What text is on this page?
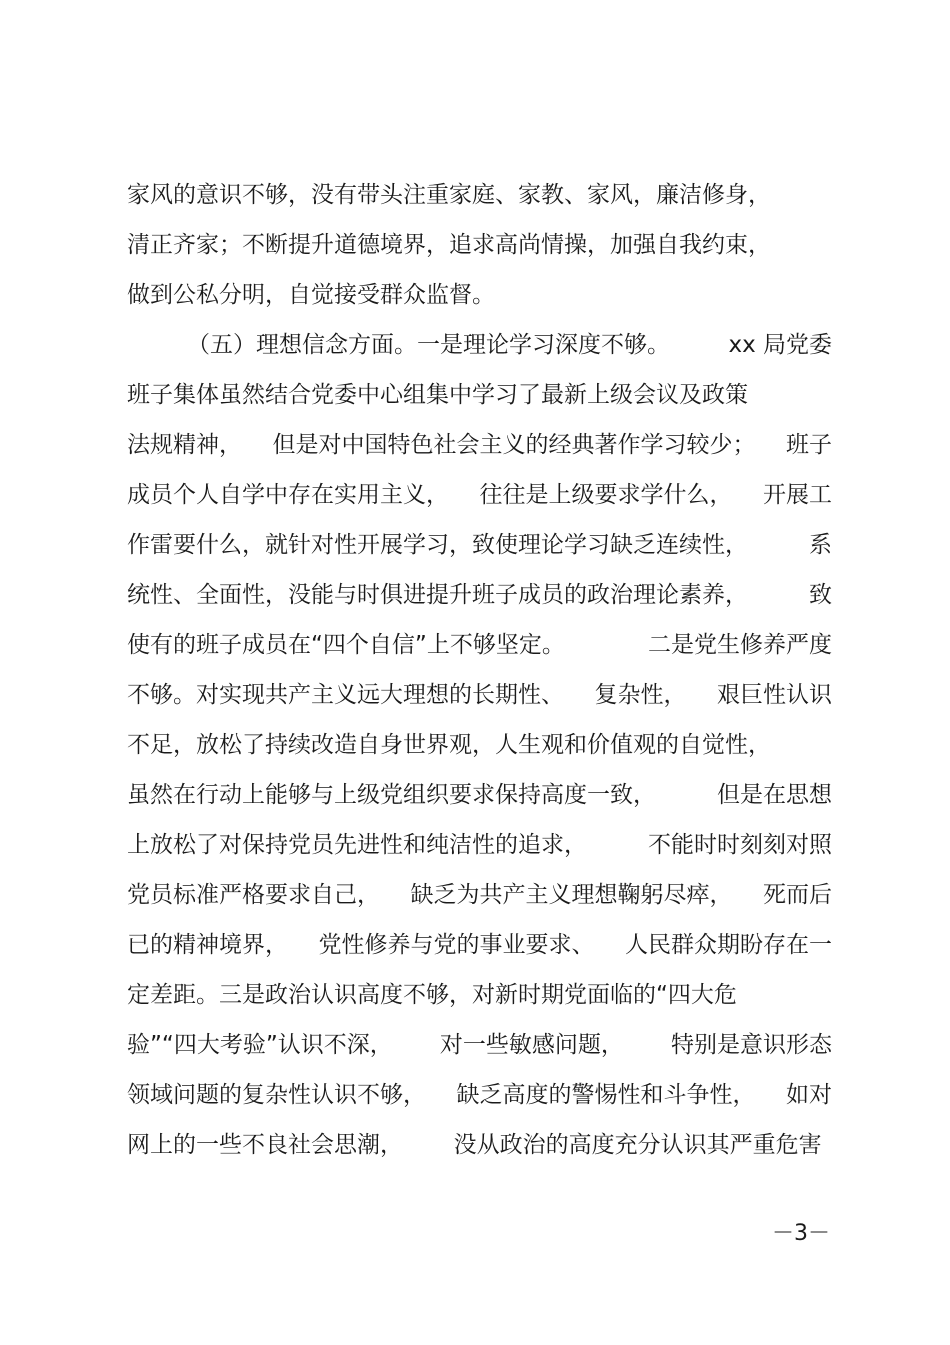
家风的意识不够，没有带头注重家庭、家教、家风，廉洁修身，
清正齐家；不断提升道德境界，追求高尚情操，加强自我约束，
做到公私分明，自觉接受群众监督。
（五）理想信念方面。一是理论学习深度不够。	xx 局党委
班子集体虽然结合党委中心组集中学习了最新上级会议及政策
法规精神， 但是对中国特色社会主义的经典著作学习较少； 班子
成员个人自学中存在实用主义， 往往是上级要求学什么， 开展工
作雷要什么，就针对性开展学习，致使理论学习缺乏连续性，	系
统性、全面性，没能与时俱进提升班子成员的政治理论素养，	致
使有的班子成员在“四个自信”上不够坚定。	二是党生修养严度
不够。对实现共产主义远大理想的长期性、 复杂性， 艰巨性认识
不足，放松了持续改造自身世界观，人生观和价值观的自觉性，
虽然在行动上能够与上级党组织要求保持高度一致，	但是在思想
上放松了对保持党员先进性和纯洁性的追求，	不能时时刻刻对照
党员标准严格要求自己， 缺乏为共产主义理想鞠躬尽瘁， 死而后
已的精神境界， 党性修养与党的事业要求、 人民群众期盼存在一
定差距。三是政治认识高度不够，对新时期党面临的“四大危
验”“四大考验”认识不深， 对一些敏感问题， 特别是意识形态
领域问题的复杂性认识不够， 缺乏高度的警惕性和斗争性， 如对
网上的一些不良社会思潮， 没从政治的高度充分认识其严重危害
－3－
